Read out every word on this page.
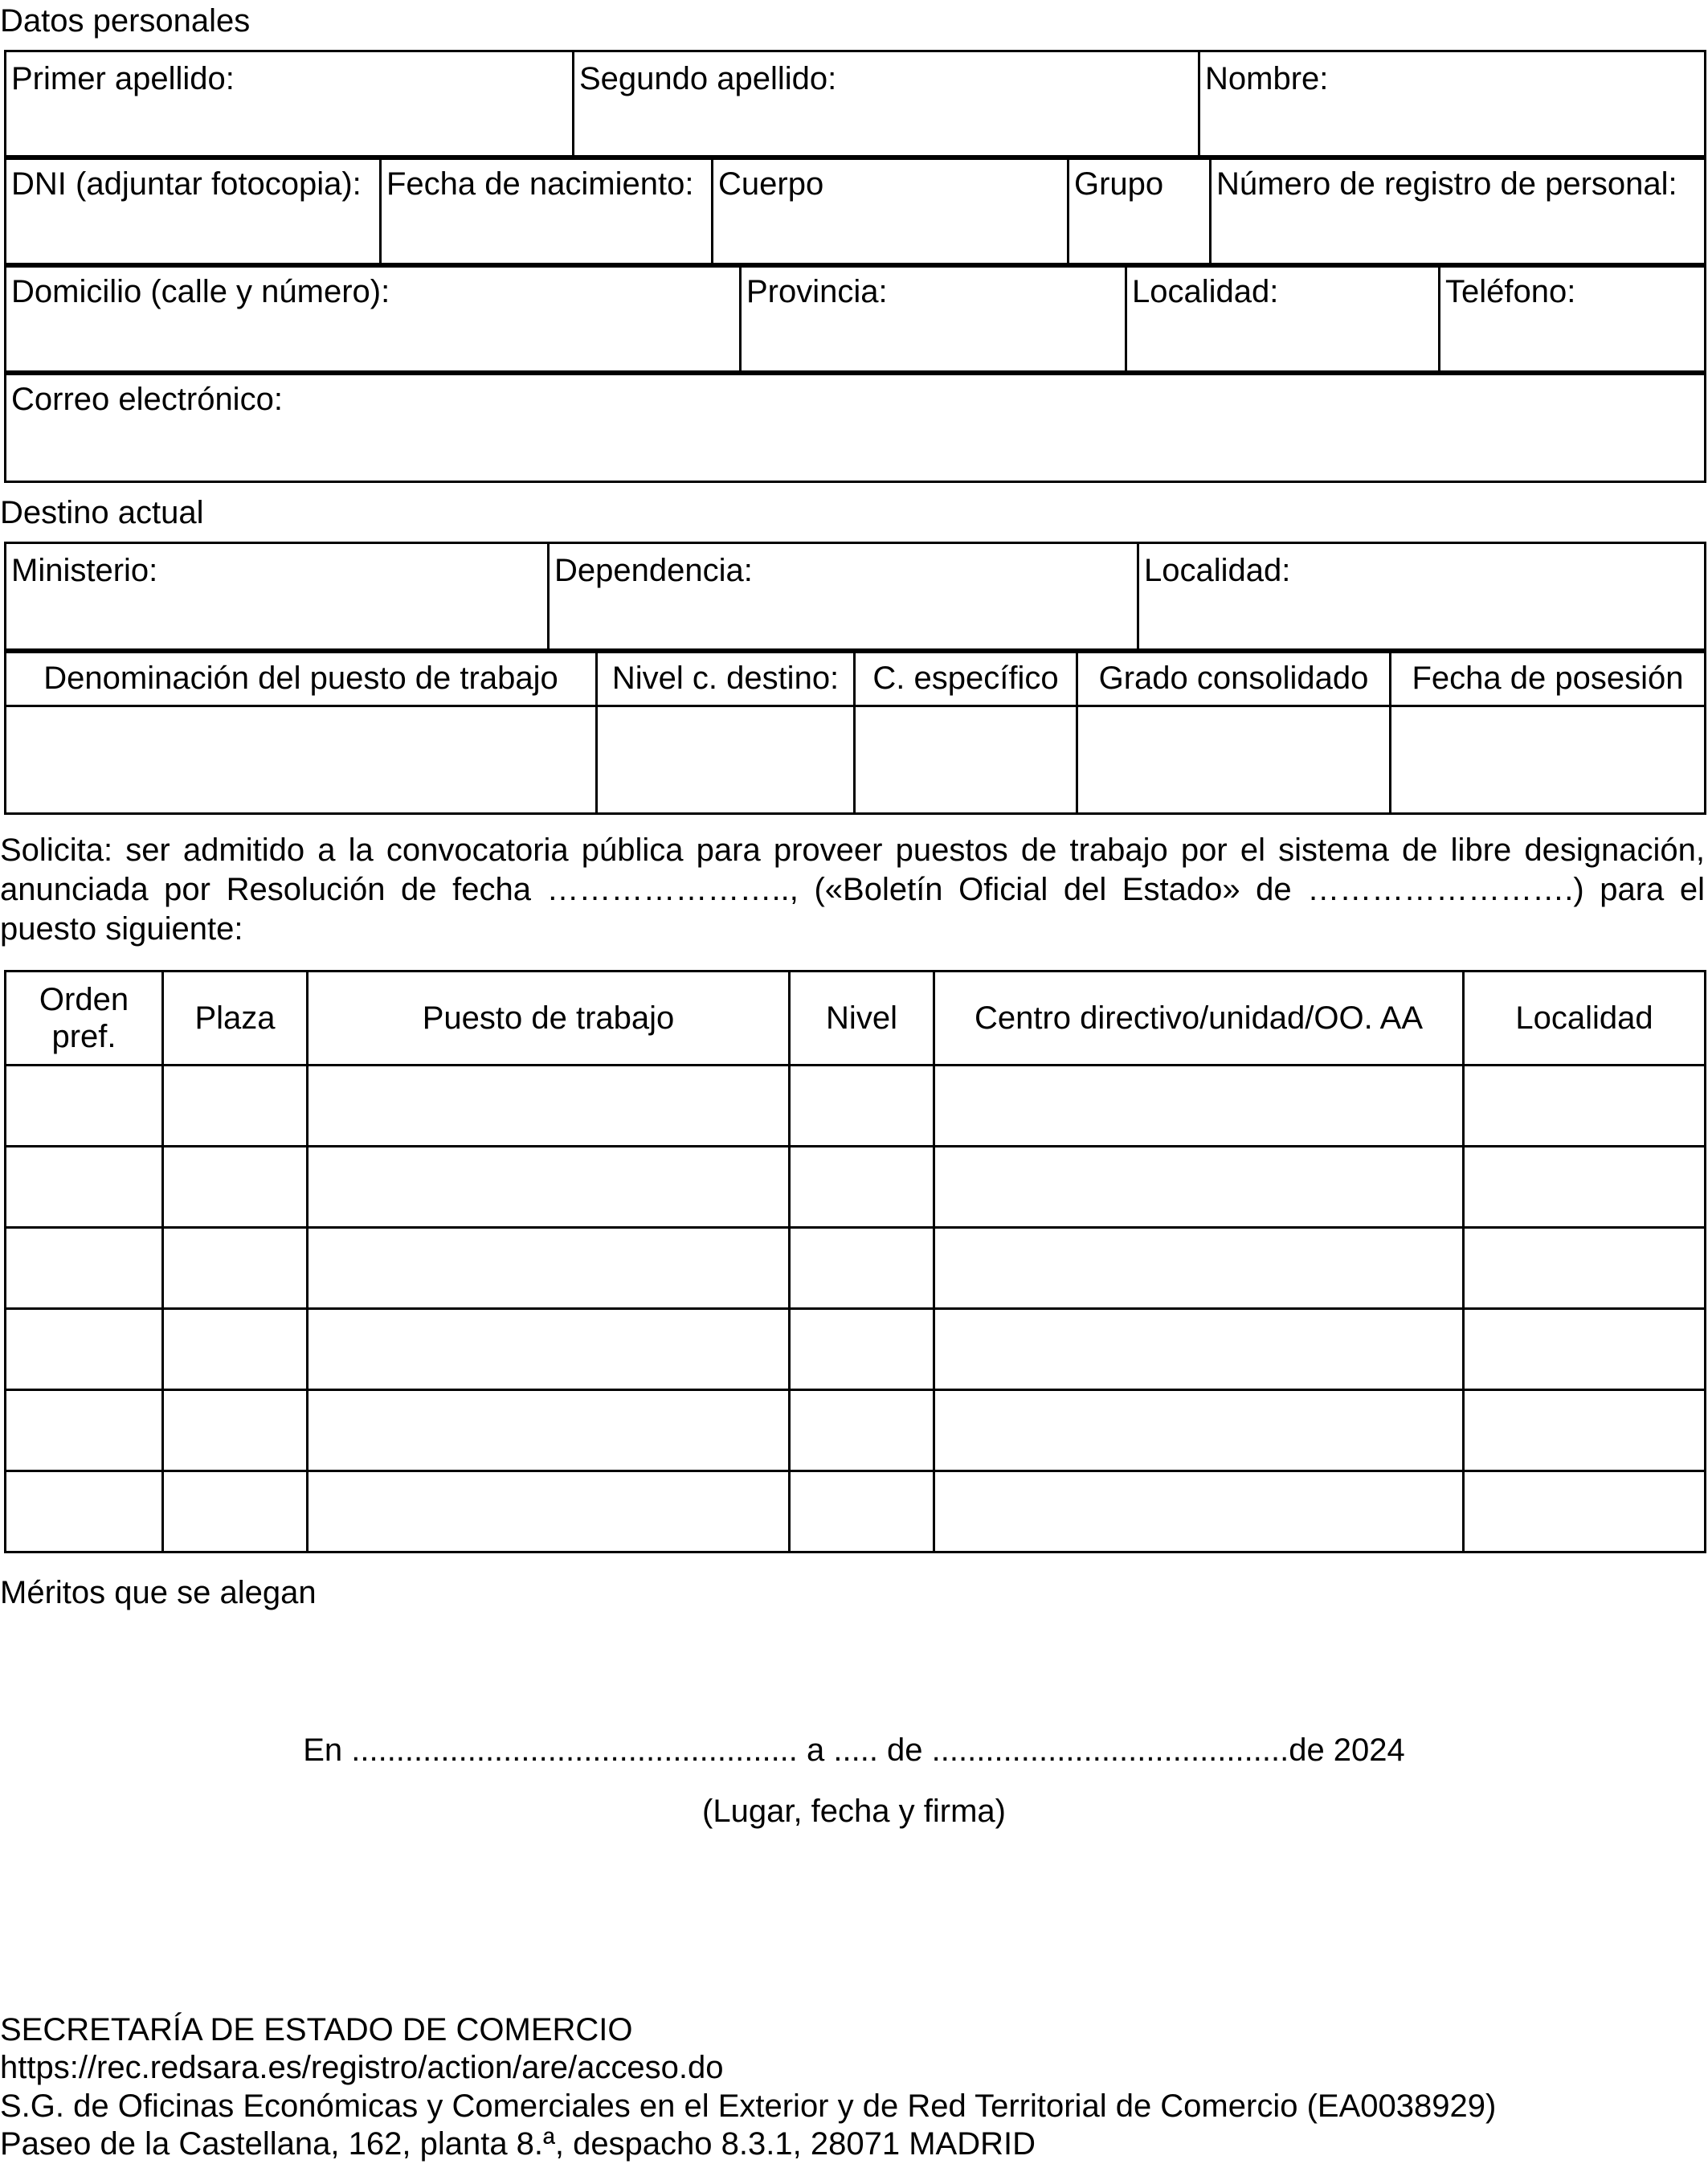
Datos personales
Primer apellido:	Segundo apellido:	Nombre:
DNI (adjuntar fotocopia):	Fecha de nacimiento:	Cuerpo	Grupo	Número de registro de personal:
Domicilio (calle y número):	Provincia:	Localidad:	Teléfono:
Correo electrónico:
Destino actual
Ministerio:	Dependencia:	Localidad:
Denominación del puesto de trabajo	Nivel c. destino:	C. específico	Grado consolidado	Fecha de posesión

Solicita: ser admitido a la convocatoria pública para proveer puestos de trabajo por el sistema de libre designación, anunciada por Resolución de fecha ………………….., («Boletín Oficial del Estado» de …………………….) para el puesto siguiente:
Orden pref.	Plaza	Puesto de trabajo	Nivel	Centro directivo/unidad/OO. AA	Localidad

Méritos que se alegan
En .................................................. a ..... de ........................................de 2024
(Lugar, fecha y firma)
SECRETARÍA DE ESTADO DE COMERCIO
https://rec.redsara.es/registro/action/are/acceso.do
S.G. de Oficinas Económicas y Comerciales en el Exterior y de Red Territorial de Comercio (EA0038929)
Paseo de la Castellana, 162, planta 8.ª, despacho 8.3.1, 28071 MADRID
